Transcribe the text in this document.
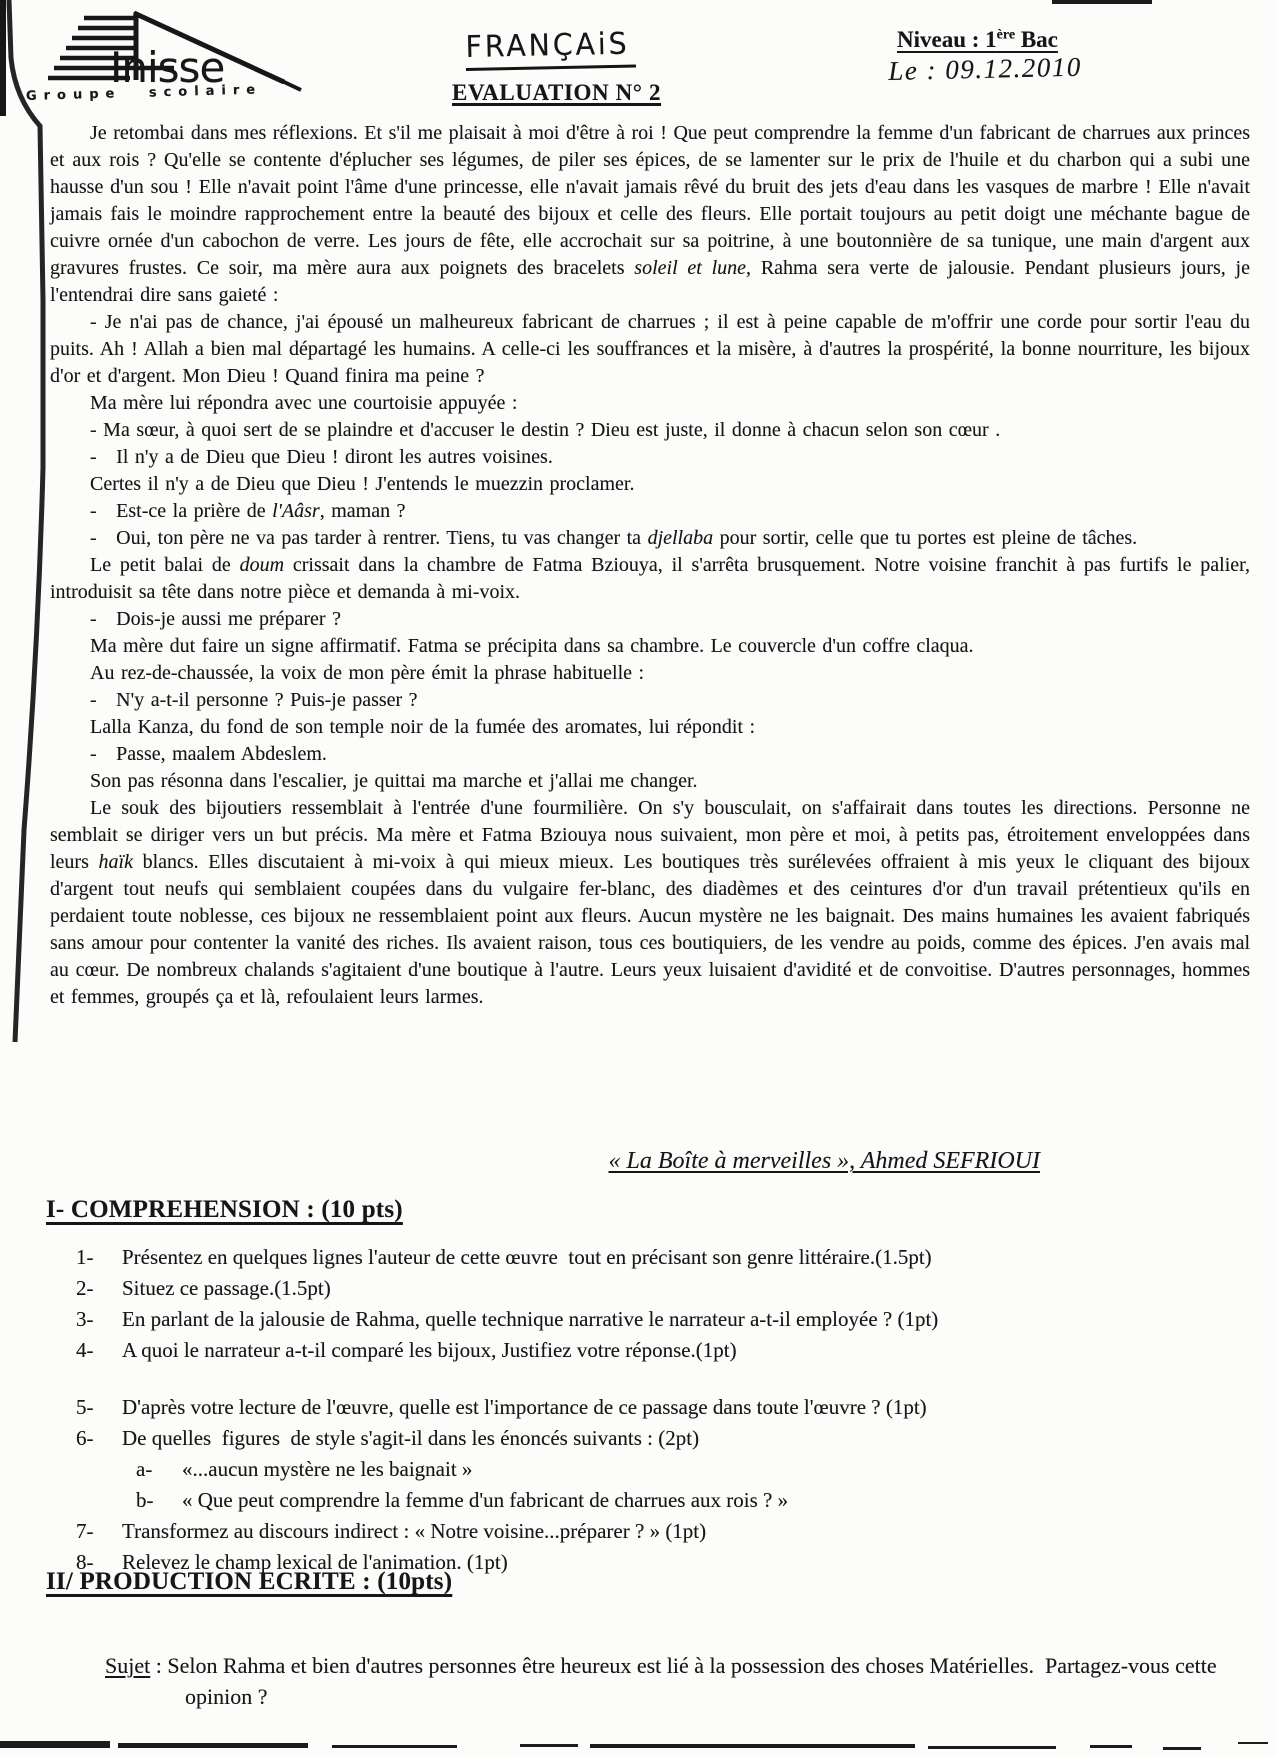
Inisse
Groupe scolaire
FRANÇAiS
EVALUATION N° 2
Niveau : 1ère Bac
Le : 09.12.2010
Je retombai dans mes réflexions. Et s'il me plaisait à moi d'être à roi ! Que peut comprendre la femme d'un fabricant de charrues aux princes et aux rois ? Qu'elle se contente d'éplucher ses légumes, de piler ses épices, de se lamenter sur le prix de l'huile et du charbon qui a subi une hausse d'un sou ! Elle n'avait point l'âme d'une princesse, elle n'avait jamais rêvé du bruit des jets d'eau dans les vasques de marbre ! Elle n'avait jamais fais le moindre rapprochement entre la beauté des bijoux et celle des fleurs. Elle portait toujours au petit doigt une méchante bague de cuivre ornée d'un cabochon de verre. Les jours de fête, elle accrochait sur sa poitrine, à une boutonnière de sa tunique, une main d'argent aux gravures frustes. Ce soir, ma mère aura aux poignets des bracelets soleil et lune, Rahma sera verte de jalousie. Pendant plusieurs jours, je l'entendrai dire sans gaieté :
- Je n'ai pas de chance, j'ai épousé un malheureux fabricant de charrues ; il est à peine capable de m'offrir une corde pour sortir l'eau du puits. Ah ! Allah a bien mal départagé les humains. A celle-ci les souffrances et la misère, à d'autres la prospérité, la bonne nourriture, les bijoux d'or et d'argent. Mon Dieu ! Quand finira ma peine ?
Ma mère lui répondra avec une courtoisie appuyée :
- Ma sœur, à quoi sert de se plaindre et d'accuser le destin ? Dieu est juste, il donne à chacun selon son cœur .
-   Il n'y a de Dieu que Dieu ! diront les autres voisines.
Certes il n'y a de Dieu que Dieu ! J'entends le muezzin proclamer.
-   Est-ce la prière de l'Aâsr, maman ?
-   Oui, ton père ne va pas tarder à rentrer. Tiens, tu vas changer ta djellaba pour sortir, celle que tu portes est pleine de tâches.
Le petit balai de doum crissait dans la chambre de Fatma Bziouya, il s'arrêta brusquement. Notre voisine franchit à pas furtifs le palier, introduisit sa tête dans notre pièce et demanda à mi-voix.
-   Dois-je aussi me préparer ?
Ma mère dut faire un signe affirmatif. Fatma se précipita dans sa chambre. Le couvercle d'un coffre claqua.
Au rez-de-chaussée, la voix de mon père émit la phrase habituelle :
-   N'y a-t-il personne ? Puis-je passer ?
Lalla Kanza, du fond de son temple noir de la fumée des aromates, lui répondit :
-   Passe, maalem Abdeslem.
Son pas résonna dans l'escalier, je quittai ma marche et j'allai me changer.
Le souk des bijoutiers ressemblait à l'entrée d'une fourmilière. On s'y bousculait, on s'affairait dans toutes les directions. Personne ne semblait se diriger vers un but précis. Ma mère et Fatma Bziouya nous suivaient, mon père et moi, à petits pas, étroitement enveloppées dans leurs haïk blancs. Elles discutaient à mi-voix à qui mieux mieux. Les boutiques très surélevées offraient à mis yeux le cliquant des bijoux d'argent tout neufs qui semblaient coupées dans du vulgaire fer-blanc, des diadèmes et des ceintures d'or d'un travail prétentieux qu'ils en perdaient toute noblesse, ces bijoux ne ressemblaient point aux fleurs. Aucun mystère ne les baignait. Des mains humaines les avaient fabriqués sans amour pour contenter la vanité des riches. Ils avaient raison, tous ces boutiquiers, de les vendre au poids, comme des épices. J'en avais mal au cœur. De nombreux chalands s'agitaient d'une boutique à l'autre. Leurs yeux luisaient d'avidité et de convoitise. D'autres personnages, hommes et femmes, groupés ça et là, refoulaient leurs larmes.
« La Boîte à merveilles », Ahmed SEFRIOUI
I- COMPREHENSION : (10 pts)
1-	Présentez en quelques lignes l'auteur de cette œuvre  tout en précisant son genre littéraire.(1.5pt)
2-	Situez ce passage.(1.5pt)
3-	En parlant de la jalousie de Rahma, quelle technique narrative le narrateur a-t-il employée ? (1pt)
4-	A quoi le narrateur a-t-il comparé les bijoux, Justifiez votre réponse.(1pt)
5-	D'après votre lecture de l'œuvre, quelle est l'importance de ce passage dans toute l'œuvre ? (1pt)
6-	De quelles  figures  de style s'agit-il dans les énoncés suivants : (2pt)
a-	«...aucun mystère ne les baignait »
b-	« Que peut comprendre la femme d'un fabricant de charrues aux rois ? »
7-	Transformez au discours indirect : « Notre voisine...préparer ? » (1pt)
8-	Relevez le champ lexical de l'animation. (1pt)
II/ PRODUCTION ECRITE : (10pts)
Sujet : Selon Rahma et bien d'autres personnes être heureux est lié à la possession des choses Matérielles.  Partagez-vous cette opinion ?
